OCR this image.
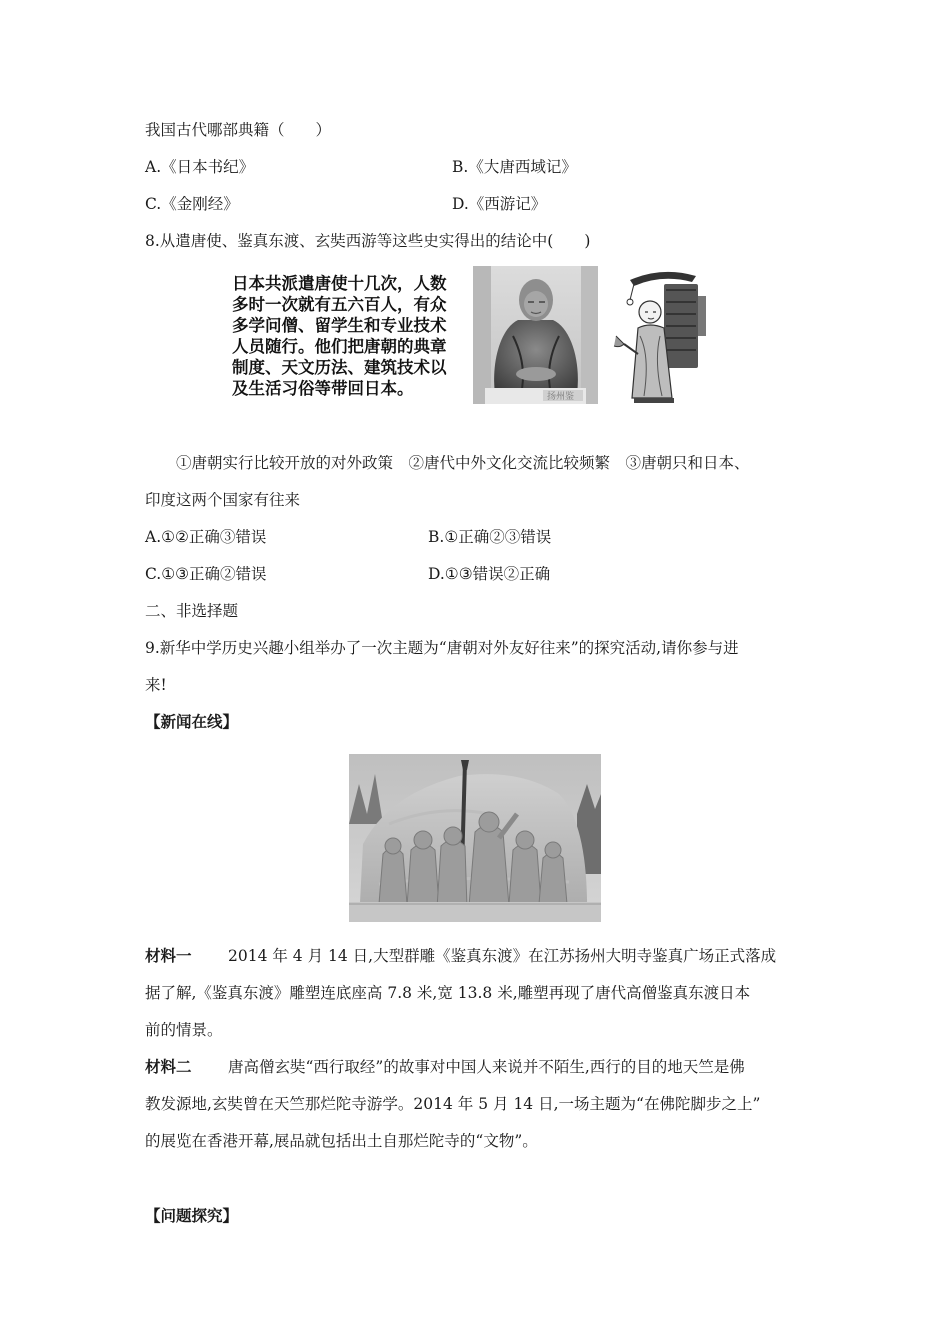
我国古代哪部典籍（　　）
A.《日本书纪》	B.《大唐西域记》
C.《金刚经》	D.《西游记》
8.从遣唐使、鉴真东渡、玄奘西游等这些史实得出的结论中(　　)
日本共派遣唐使十几次，人数
多时一次就有五六百人，有众
多学问僧、留学生和专业技术
人员随行。他们把唐朝的典章
制度、天文历法、建筑技术以
及生活习俗等带回日本。	扬州鉴
①唐朝实行比较开放的对外政策　②唐代中外文化交流比较频繁　③唐朝只和日本、
印度这两个国家有往来
A.①②正确③错误	B.①正确②③错误
C.①③正确②错误	D.①③错误②正确
二、非选择题
9.新华中学历史兴趣小组举办了一次主题为“唐朝对外友好往来”的探究活动,请你参与进
来!
【新闻在线】
材料一 2014 年 4 月 14 日,大型群雕《鉴真东渡》在江苏扬州大明寺鉴真广场正式落成
据了解,《鉴真东渡》雕塑连底座高 7.8 米,宽 13.8 米,雕塑再现了唐代高僧鉴真东渡日本
前的情景。
材料二 唐高僧玄奘“西行取经”的故事对中国人来说并不陌生,西行的目的地天竺是佛
教发源地,玄奘曾在天竺那烂陀寺游学。2014 年 5 月 14 日,一场主题为“在佛陀脚步之上”
的展览在香港开幕,展品就包括出土自那烂陀寺的“文物”。
【问题探究】
